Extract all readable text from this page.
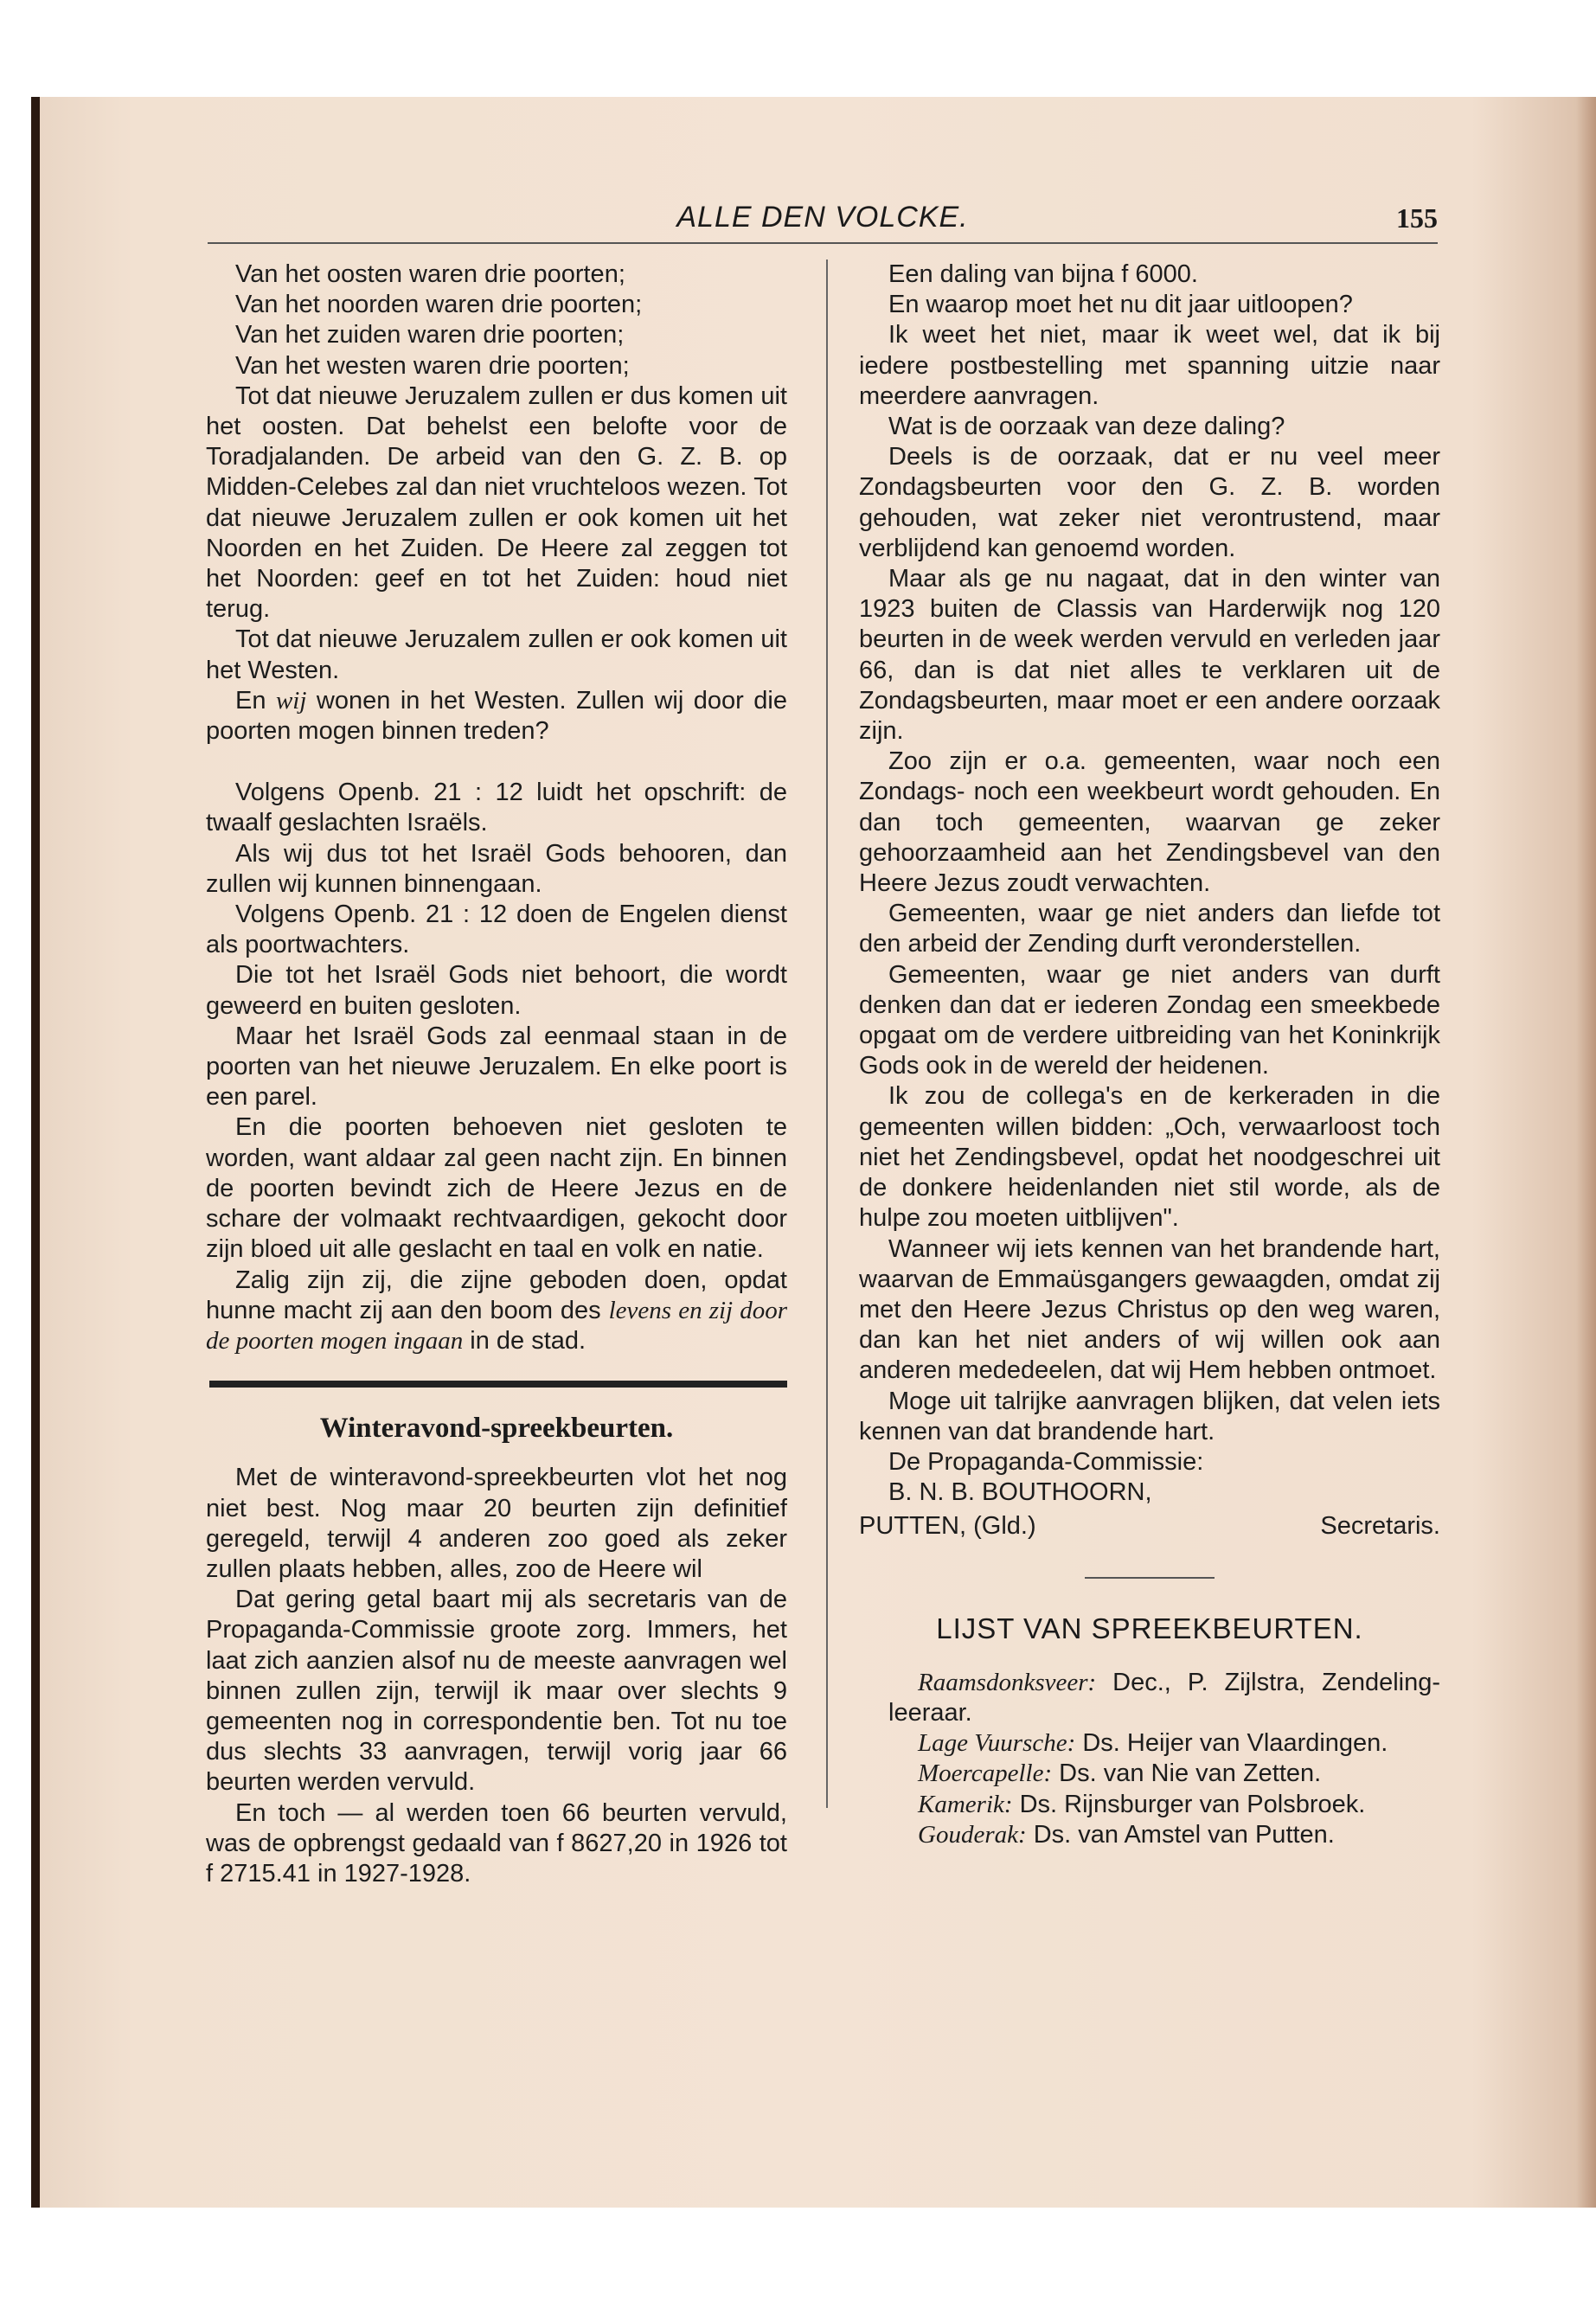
ALLE DEN VOLCKE.	155

Van het oosten waren drie poorten;

Van het noorden waren drie poorten;

Van het zuiden waren drie poorten;

Van het westen waren drie poorten;

Tot dat nieuwe Jeruzalem zullen er dus komen uit het oosten. Dat behelst een belofte voor de Toradjalanden. De arbeid van den G. Z. B. op Midden-Celebes zal dan niet vruchteloos wezen. Tot dat nieuwe Jeruzalem zullen er ook komen uit het Noorden en het Zuiden. De Heere zal zeggen tot het Noorden: geef en tot het Zuiden: houd niet terug.

Tot dat nieuwe Jeruzalem zullen er ook komen uit het Westen.

En wij wonen in het Westen. Zullen wij door die poorten mogen binnen treden?

Volgens Openb. 21 : 12 luidt het opschrift: de twaalf geslachten Israëls.

Als wij dus tot het Israël Gods behooren, dan zullen wij kunnen binnengaan.

Volgens Openb. 21 : 12 doen de Engelen dienst als poortwachters.

Die tot het Israël Gods niet behoort, die wordt geweerd en buiten gesloten.

Maar het Israël Gods zal eenmaal staan in de poorten van het nieuwe Jeruzalem. En elke poort is een parel.

En die poorten behoeven niet gesloten te worden, want aldaar zal geen nacht zijn. En binnen de poorten bevindt zich de Heere Jezus en de schare der volmaakt rechtvaardigen, gekocht door zijn bloed uit alle geslacht en taal en volk en natie.

Zalig zijn zij, die zijne geboden doen, opdat hunne macht zij aan den boom des levens en zij door de poorten mogen ingaan in de stad.

Winteravond-spreekbeurten.

Met de winteravond-spreekbeurten vlot het nog niet best. Nog maar 20 beurten zijn definitief geregeld, terwijl 4 anderen zoo goed als zeker zullen plaats hebben, alles, zoo de Heere wil

Dat gering getal baart mij als secretaris van de Propaganda-Commissie groote zorg. Immers, het laat zich aanzien alsof nu de meeste aanvragen wel binnen zullen zijn, terwijl ik maar over slechts 9 gemeenten nog in correspondentie ben. Tot nu toe dus slechts 33 aanvragen, terwijl vorig jaar 66 beurten werden vervuld.

En toch — al werden toen 66 beurten vervuld, was de opbrengst gedaald van f 8627,20 in 1926 tot f 2715.41 in 1927-1928.

Een daling van bijna f 6000.

En waarop moet het nu dit jaar uitloopen?

Ik weet het niet, maar ik weet wel, dat ik bij iedere postbestelling met spanning uitzie naar meerdere aanvragen.

Wat is de oorzaak van deze daling?

Deels is de oorzaak, dat er nu veel meer Zondagsbeurten voor den G. Z. B. worden gehouden, wat zeker niet verontrustend, maar verblijdend kan genoemd worden.

Maar als ge nu nagaat, dat in den winter van 1923 buiten de Classis van Harderwijk nog 120 beurten in de week werden vervuld en verleden jaar 66, dan is dat niet alles te verklaren uit de Zondagsbeurten, maar moet er een andere oorzaak zijn.

Zoo zijn er o.a. gemeenten, waar noch een Zondags- noch een weekbeurt wordt gehouden. En dan toch gemeenten, waarvan ge zeker gehoorzaamheid aan het Zendingsbevel van den Heere Jezus zoudt verwachten.

Gemeenten, waar ge niet anders dan liefde tot den arbeid der Zending durft veronderstellen.

Gemeenten, waar ge niet anders van durft denken dan dat er iederen Zondag een smeekbede opgaat om de verdere uitbreiding van het Koninkrijk Gods ook in de wereld der heidenen.

Ik zou de collega's en de kerkeraden in die gemeenten willen bidden: „Och, verwaarloost toch niet het Zendingsbevel, opdat het noodgeschrei uit de donkere heidenlanden niet stil worde, als de hulpe zou moeten uitblijven".

Wanneer wij iets kennen van het brandende hart, waarvan de Emmaüsgangers gewaagden, omdat zij met den Heere Jezus Christus op den weg waren, dan kan het niet anders of wij willen ook aan anderen mededeelen, dat wij Hem hebben ontmoet.

Moge uit talrijke aanvragen blijken, dat velen iets kennen van dat brandende hart.

De Propaganda-Commissie:

B. N. B. BOUTHOORN,

PUTTEN, (Gld.)	Secretaris.
LIJST VAN SPREEKBEURTEN.

Raamsdonksveer: Dec., P. Zijlstra, Zendeling-leeraar.

Lage Vuursche: Ds. Heijer van Vlaardingen.

Moercapelle: Ds. van Nie van Zetten.

Kamerik: Ds. Rijnsburger van Polsbroek.

Gouderak: Ds. van Amstel van Putten.
